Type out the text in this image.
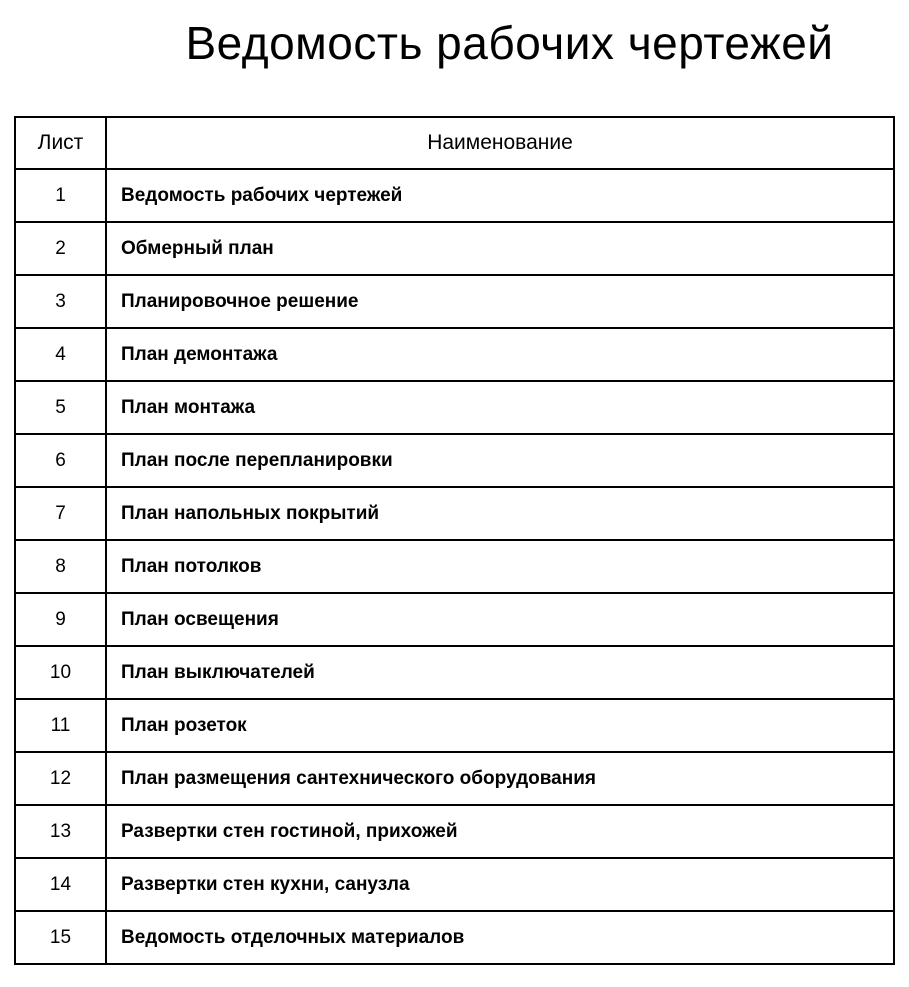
Ведомость рабочих чертежей
Лист	Наименование
1	Ведомость рабочих чертежей
2	Обмерный план
3	Планировочное решение
4	План демонтажа
5	План монтажа
6	План после перепланировки
7	План напольных покрытий
8	План потолков
9	План освещения
10	План выключателей
11	План розеток
12	План размещения сантехнического оборудования
13	Развертки стен гостиной, прихожей
14	Развертки стен кухни, санузла
15	Ведомость отделочных материалов
